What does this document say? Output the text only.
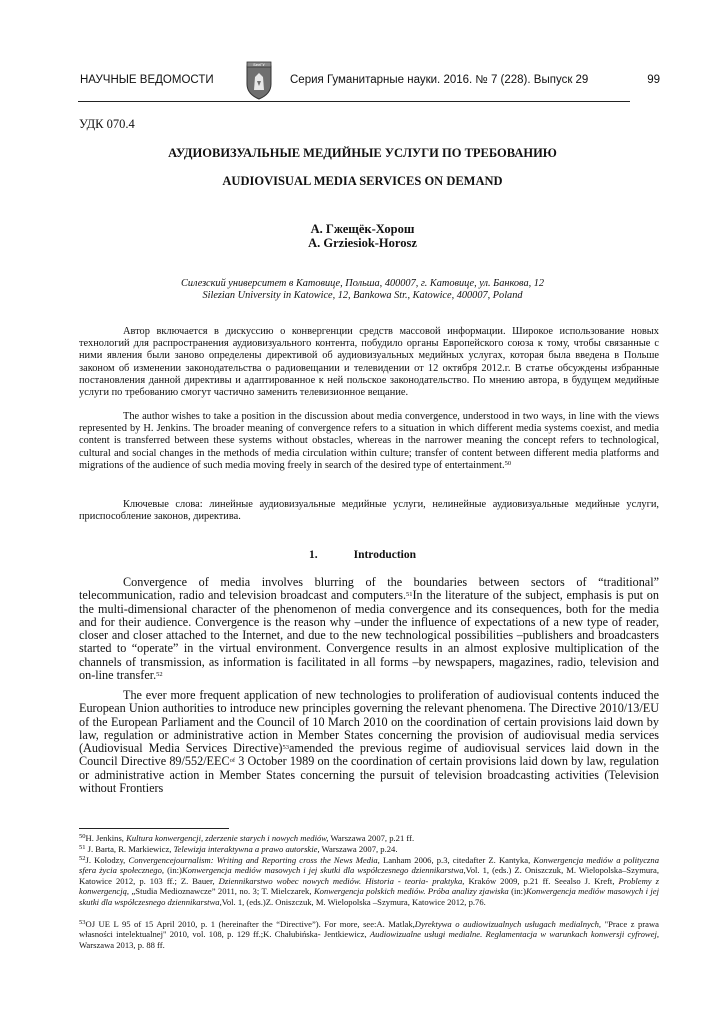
НАУЧНЫЕ ВЕДОМОСТИ
БелГУ
Серия Гуманитарные науки. 2016. № 7 (228). Выпуск 29	99
УДК 070.4
АУДИОВИЗУАЛЬНЫЕ МЕДИЙНЫЕ УСЛУГИ ПО ТРЕБОВАНИЮ
AUDIOVISUAL MEDIA SERVICES ON DEMAND
А. Гжещёк-Хорош
A. Grziesiok-Horosz
Силезский университет в Катовице, Польша, 400007, г. Катовице, ул. Банкова, 12
Silezian University in Katowice, 12, Bankowa Str., Katowice, 400007, Poland

Автор включается в дискуссию о конвергенции средств массовой информации. Широкое использование новых технологий для распространения аудиовизуального контента, побудило органы Европейского союза к тому, чтобы связанные с ними явления были заново определены директивой об аудиовизуальных медийных услугах, которая была введена в Польше законом об изменении законодательства о радиовещании и телевидении от 12 октября 2012.г. В статье обсуждены избранные постановления данной директивы и адаптированное к ней польское законодательство. По мнению автора, в будущем медийные услуги по требованию смогут частично заменить телевизионное вещание.

The author wishes to take a position in the discussion about media convergence, understood in two ways, in line with the views represented by H. Jenkins. The broader meaning of convergence refers to a situation in which different media systems coexist, and media content is transferred between these systems without obstacles, whereas in the narrower meaning the concept refers to technological, cultural and social changes in the methods of media circulation within culture; transfer of content between different media platforms and migrations of the audience of such media moving freely in search of the desired type of entertainment.$^{50}$

Ключевые слова: линейные аудиовизуальные медийные услуги, нелинейные аудиовизуальные медийные услуги, приспособление законов, директива.

1.	Introduction

Convergence of media involves blurring of the boundaries between sectors of “traditional” telecommunication, radio and television broadcast and computers.$^{51}$In the literature of the subject, emphasis is put on the multi-dimensional character of the phenomenon of media convergence and its consequences, both for the media and for their audience. Convergence is the reason why –under the influence of expectations of a new type of reader, closer and closer attached to the Internet, and due to the new technological possibilities –publishers and broadcasters started to “operate” in the virtual environment. Convergence results in an almost explosive multiplication of the channels of transmission, as information is facilitated in all forms –by newspapers, magazines, radio, television and on-line transfer.$^{52}$

The ever more frequent application of new technologies to proliferation of audiovisual contents induced the European Union authorities to introduce new principles governing the relevant phenomena. The Directive 2010/13/EU of the European Parliament and the Council of 10 March 2010 on the coordination of certain provisions laid down by law, regulation or administrative action in Member States concerning the provision of audiovisual media services (Audiovisual Media Services Directive)$^{53}$amended the previous regime of audiovisual services laid down in the Council Directive $89/552/EEC^{of}$ 3 October 1989 on the coordination of certain provisions laid down by law, regulation or administrative action in Member States concerning the pursuit of television broadcasting activities (Television without Frontiers

$^{50}$H. Jenkins, Kultura konwergencji, zderzenie starych i nowych mediów, Warszawa 2007, p.21 ff.

$^{51}$ J. Barta, R. Markiewicz, Telewizja interaktywna a prawo autorskie, Warszawa 2007, p.24.

$^{52}$J. Kolodzy, Convergencejournalism: Writing and Reporting cross the News Media, Lanham 2006, p.3, citedafter Z. Kantyka, Konwergencja mediów a polityczna sfera życia społecznego, (in:)Konwergencja mediów masowych i jej skutki dla współczesnego dziennikarstwa,Vol. 1, (eds.) Z. Oniszczuk, M. Wielopolska–Szymura, Katowice 2012, p. 103 ff.; Z. Bauer, Dziennikarstwo wobec nowych mediów. Historia - teoria- praktyka, Kraków 2009, p.21 ff. Seealso J. Kreft, Problemy z konwergencją, „Studia Medioznawcze” 2011, no. 3; T. Mielczarek, Konwergencja polskich mediów. Próba analizy zjawiska (in:)Konwergencja mediów masowych i jej skutki dla współczesnego dziennikarstwa,Vol. 1, (eds.)Z. Oniszczuk, M. Wielopolska –Szymura, Katowice 2012, p.76.

$^{53}$OJ UE L 95 of 15 April 2010, p. 1 (hereinafter the “Directive”). For more, see:A. Matlak,Dyrektywa o audiowizualnych usługach medialnych, "Prace z prawa własności intelektualnej" 2010, vol. 108, p. 129 ff.;K. Chałubińska- Jentkiewicz, Audiowizualne usługi medialne. Reglamentacja w warunkach konwersji cyfrowej, Warszawa 2013, p. 88 ff.
